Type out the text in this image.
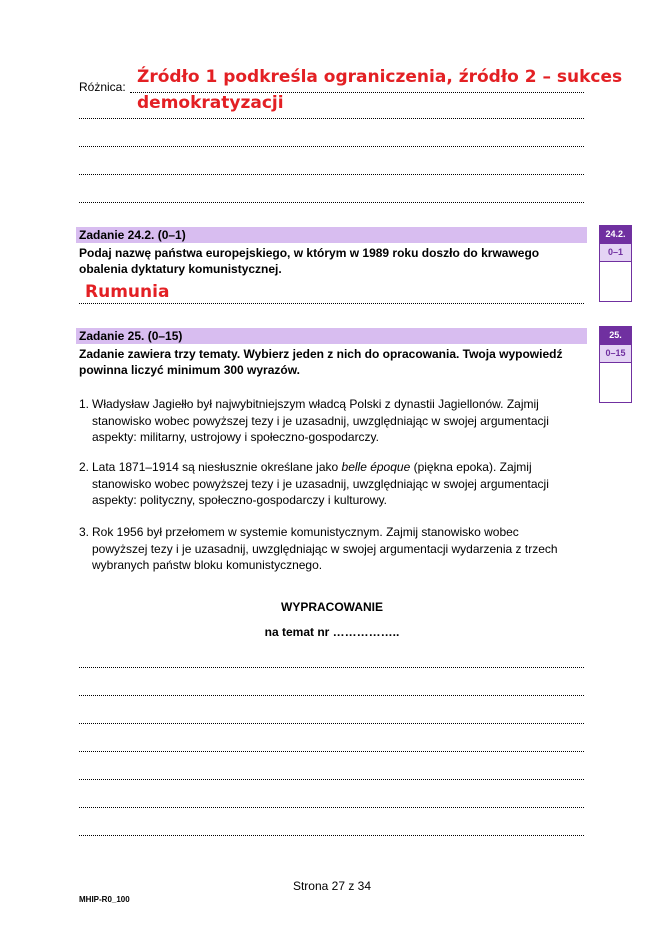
Różnica: Źródło 1 podkreśla ograniczenia, źródło 2 – sukces
demokratyzacji
Zadanie 24.2. (0–1)
Podaj nazwę państwa europejskiego, w którym w 1989 roku doszło do krwawego
obalenia dyktatury komunistycznej.
Rumunia
24.2.
0–1
Zadanie 25. (0–15)
Zadanie zawiera trzy tematy. Wybierz jeden z nich do opracowania. Twoja wypowiedź
powinna liczyć minimum 300 wyrazów.
25.
0–15
1. Władysław Jagiełło był najwybitniejszym władcą Polski z dynastii Jagiellonów. Zajmij
stanowisko wobec powyższej tezy i je uzasadnij, uwzględniając w swojej argumentacji
aspekty: militarny, ustrojowy i społeczno-gospodarczy.
2. Lata 1871–1914 są niesłusznie określane jako belle époque (piękna epoka). Zajmij
stanowisko wobec powyższej tezy i je uzasadnij, uwzględniając w swojej argumentacji
aspekty: polityczny, społeczno-gospodarczy i kulturowy.
3. Rok 1956 był przełomem w systemie komunistycznym. Zajmij stanowisko wobec
powyższej tezy i je uzasadnij, uwzględniając w swojej argumentacji wydarzenia z trzech
wybranych państw bloku komunistycznego.
WYPRACOWANIE
na temat nr ……………..
Strona 27 z 34
MHIP-R0_100
